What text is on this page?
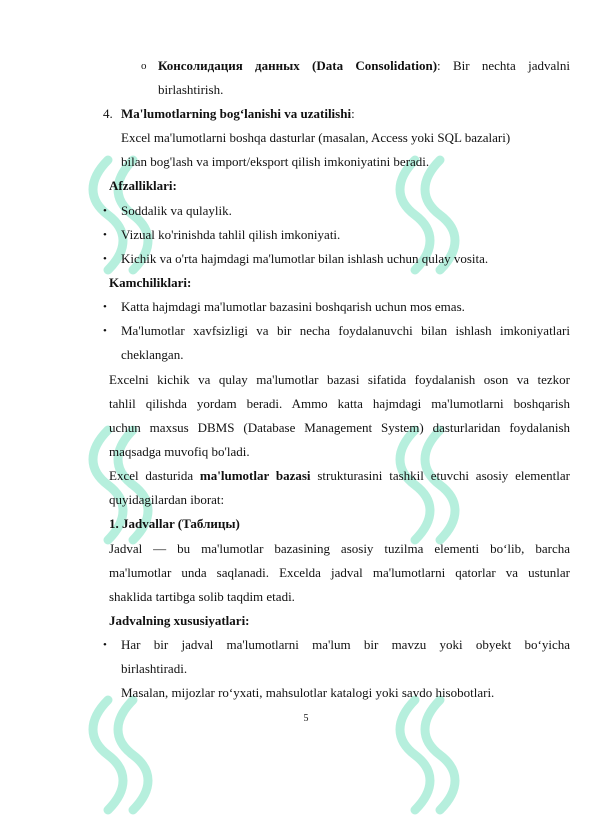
o Консолидация данных (Data Consolidation): Bir nechta jadvalni
birlashtirish.
4. Ma'lumotlarning bog‘lanishi va uzatilishi:
Excel ma'lumotlarni boshqa dasturlar (masalan, Access yoki SQL bazalari)
bilan bog'lash va import/eksport qilish imkoniyatini beradi.
Afzalliklari:
• Soddalik va qulaylik.
• Vizual ko'rinishda tahlil qilish imkoniyati.
• Kichik va o'rta hajmdagi ma'lumotlar bilan ishlash uchun qulay vosita.
Kamchiliklari:
• Katta hajmdagi ma'lumotlar bazasini boshqarish uchun mos emas.
• Ma'lumotlar xavfsizligi va bir necha foydalanuvchi bilan ishlash imkoniyatlari
cheklangan.
Excelni kichik va qulay ma'lumotlar bazasi sifatida foydalanish oson va tezkor
tahlil qilishda yordam beradi. Ammo katta hajmdagi ma'lumotlarni boshqarish
uchun maxsus DBMS (Database Management System) dasturlaridan foydalanish
maqsadga muvofiq bo'ladi.
Excel dasturida ma'lumotlar bazasi strukturasini tashkil etuvchi asosiy elementlar
quyidagilardan iborat:
1. Jadvallar (Таблицы)
Jadval — bu ma'lumotlar bazasining asosiy tuzilma elementi bo‘lib, barcha
ma'lumotlar unda saqlanadi. Excelda jadval ma'lumotlarni qatorlar va ustunlar
shaklida tartibga solib taqdim etadi.
Jadvalning xususiyatlari:
• Har bir jadval ma'lumotlarni ma'lum bir mavzu yoki obyekt bo‘yicha
birlashtiradi.
Masalan, mijozlar ro‘yxati, mahsulotlar katalogi yoki savdo hisobotlari.
5
